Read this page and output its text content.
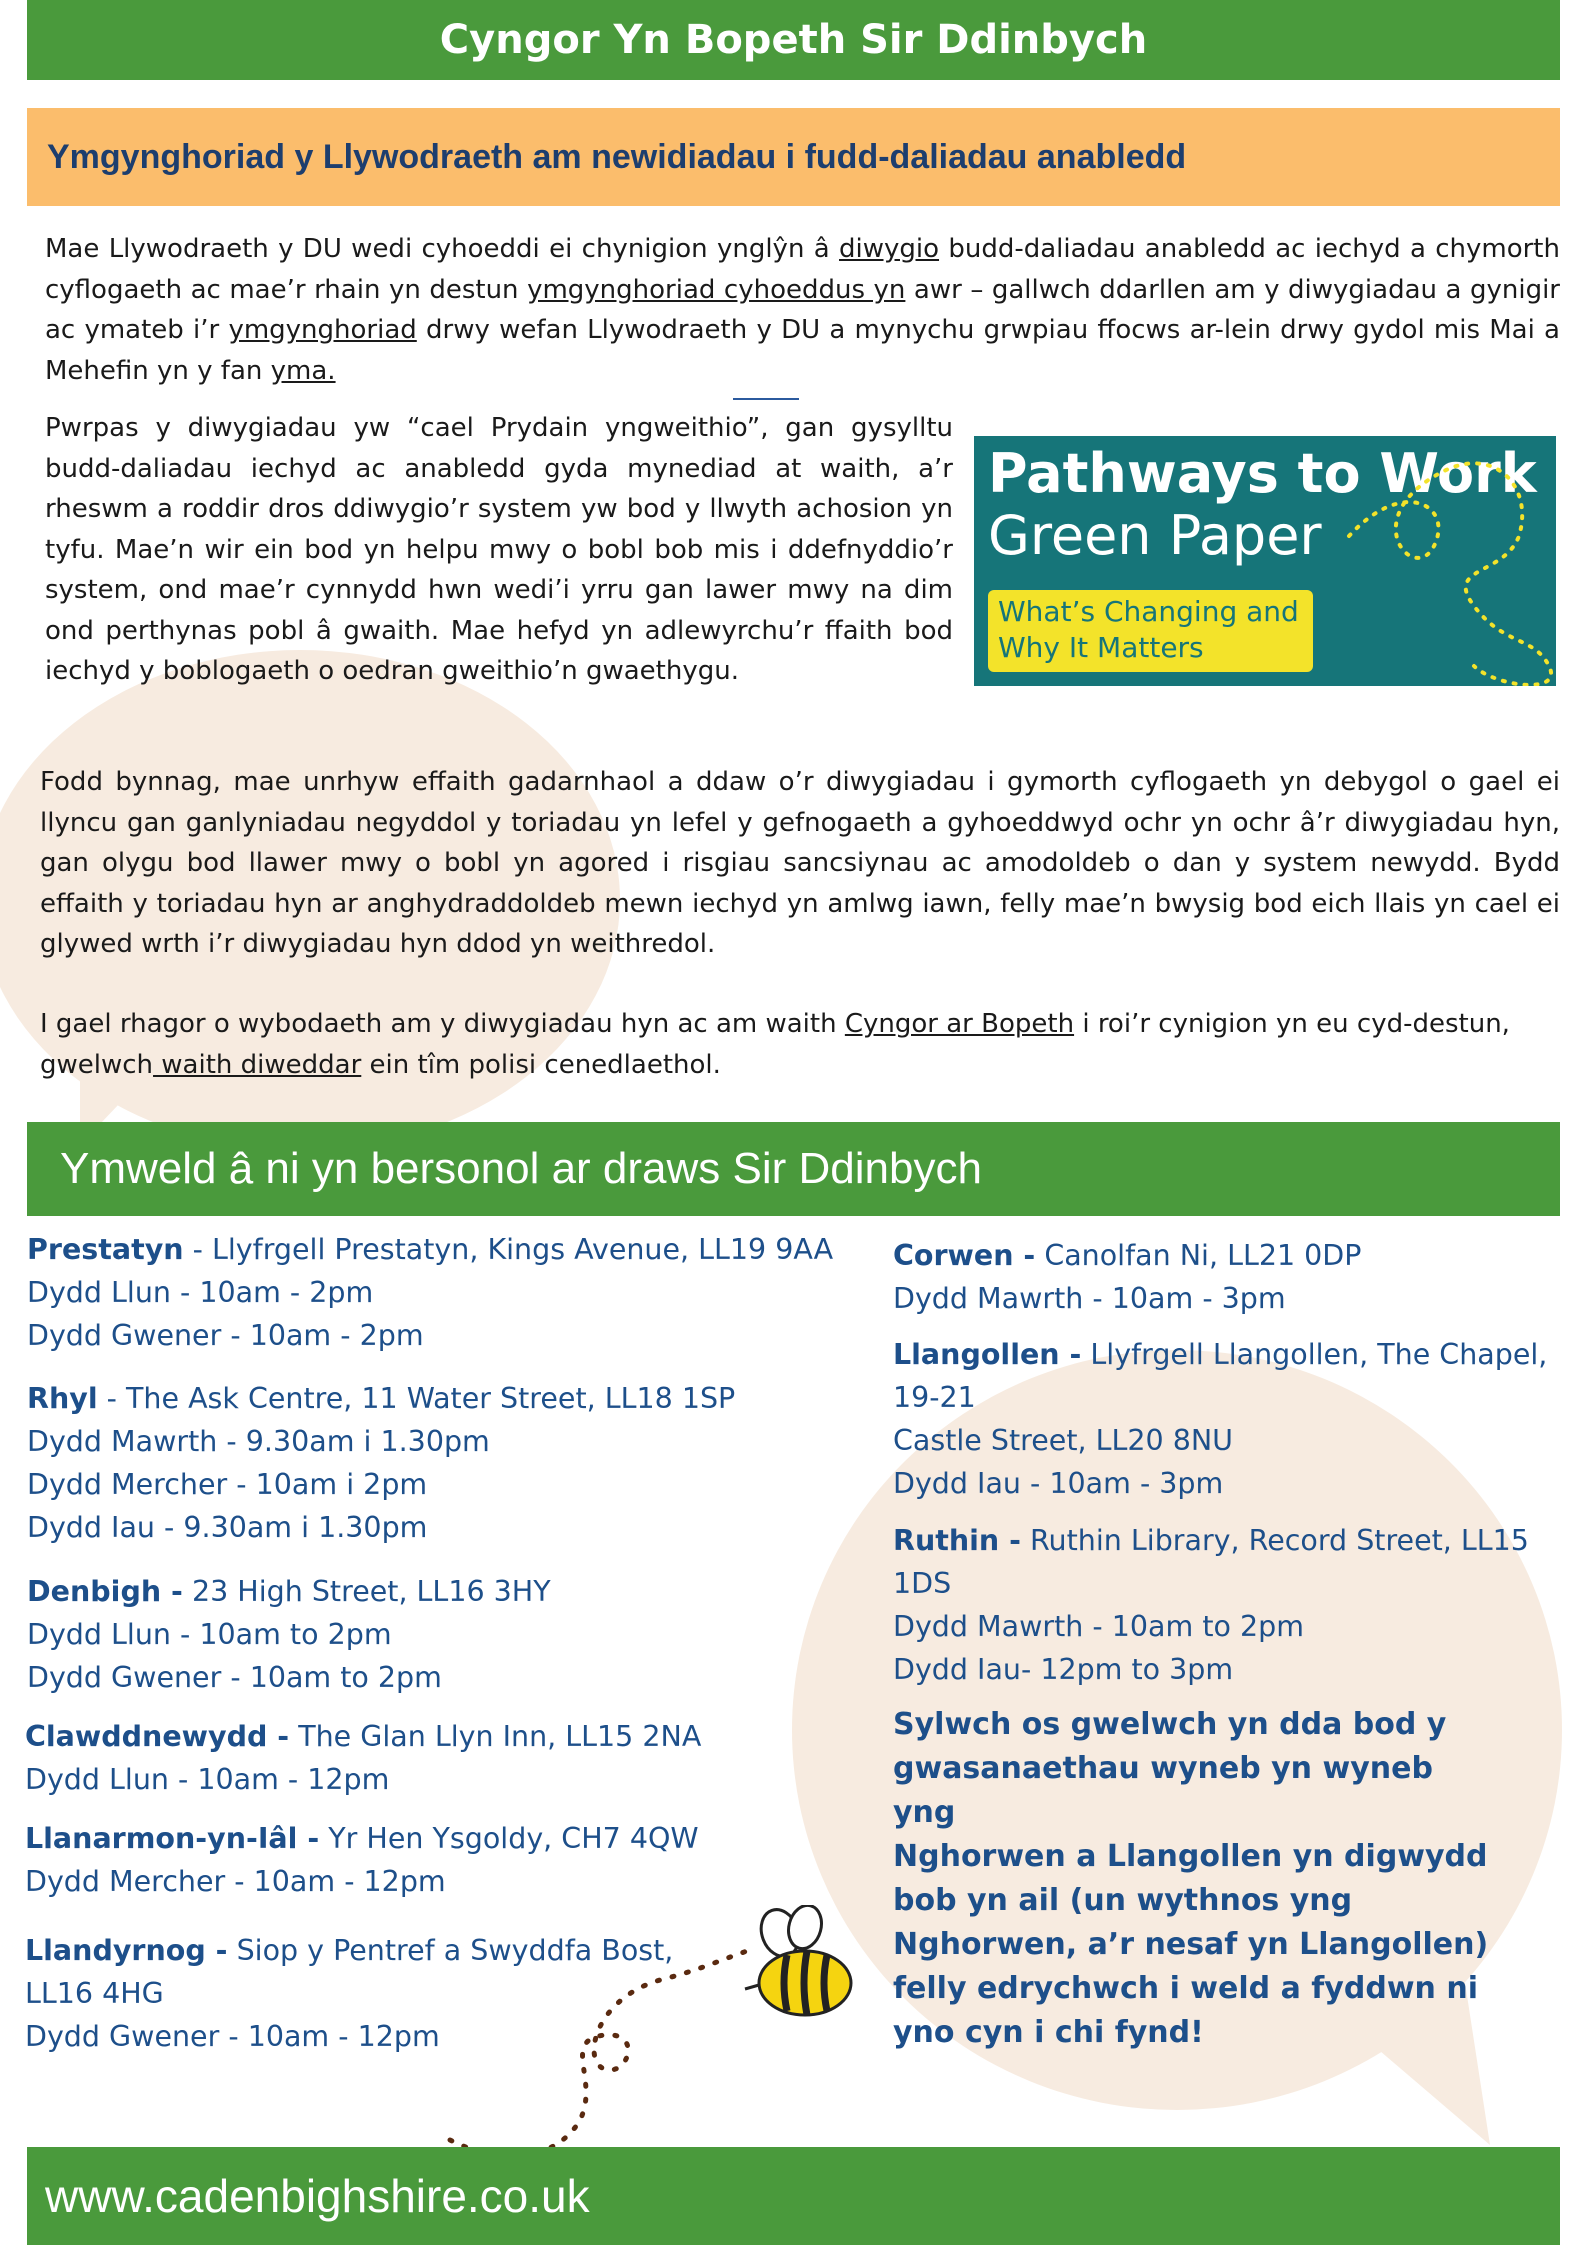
Cyngor Yn Bopeth Sir Ddinbych
Ymgynghoriad y Llywodraeth am newidiadau i fudd-daliadau anabledd
Mae Llywodraeth y DU wedi cyhoeddi ei chynigion ynglŷn â diwygio budd-daliadau anabledd ac iechyd a chymorth cyflogaeth ac mae’r rhain yn destun ymgynghoriad cyhoeddus yn awr – gallwch ddarllen am y diwygiadau a gynigir ac ymateb i’r ymgynghoriad drwy wefan Llywodraeth y DU a mynychu grwpiau ffocws ar-lein drwy gydol mis Mai a Mehefin yn y fan yma.
Pwrpas y diwygiadau yw “cael Prydain yngweithio”, gan gysylltu budd-daliadau iechyd ac anabledd gyda mynediad at waith, a’r rheswm a roddir dros ddiwygio’r system yw bod y llwyth achosion yn tyfu. Mae’n wir ein bod yn helpu mwy o bobl bob mis i ddefnyddio’r system, ond mae’r cynnydd hwn wedi’i yrru gan lawer mwy na dim ond perthynas pobl â gwaith. Mae hefyd yn adlewyrchu’r ffaith bod iechyd y boblogaeth o oedran gweithio’n gwaethygu.
Pathways to Work
Green Paper
What’s Changing and
Why It Matters
Fodd bynnag, mae unrhyw effaith gadarnhaol a ddaw o’r diwygiadau i gymorth cyflogaeth yn debygol o gael ei llyncu gan ganlyniadau negyddol y toriadau yn lefel y gefnogaeth a gyhoeddwyd ochr yn ochr â’r diwygiadau hyn, gan olygu bod llawer mwy o bobl yn agored i risgiau sancsiynau ac amodoldeb o dan y system newydd. Bydd effaith y toriadau hyn ar anghydraddoldeb mewn iechyd yn amlwg iawn, felly mae’n bwysig bod eich llais yn cael ei glywed wrth i’r diwygiadau hyn ddod yn weithredol.
I gael rhagor o wybodaeth am y diwygiadau hyn ac am waith Cyngor ar Bopeth i roi’r cynigion yn eu cyd-destun, gwelwch waith diweddar ein tîm polisi cenedlaethol.
Ymweld â ni yn bersonol ar draws Sir Ddinbych
Prestatyn - Llyfrgell Prestatyn, Kings Avenue, LL19 9AA
Dydd Llun - 10am - 2pm
Dydd Gwener - 10am - 2pm
Rhyl - The Ask Centre, 11 Water Street, LL18 1SP
Dydd Mawrth - 9.30am i 1.30pm
Dydd Mercher - 10am i 2pm
Dydd Iau - 9.30am i 1.30pm
Denbigh - 23 High Street, LL16 3HY
Dydd Llun - 10am to 2pm
Dydd Gwener - 10am to 2pm
Clawddnewydd - The Glan Llyn Inn, LL15 2NA
Dydd Llun - 10am - 12pm
Llanarmon-yn-Iâl - Yr Hen Ysgoldy, CH7 4QW
Dydd Mercher - 10am - 12pm
Llandyrnog - Siop y Pentref a Swyddfa Bost,
LL16 4HG
Dydd Gwener - 10am - 12pm
Corwen - Canolfan Ni, LL21 0DP
Dydd Mawrth - 10am - 3pm
Llangollen - Llyfrgell Llangollen, The Chapel,
19-21
Castle Street, LL20 8NU
Dydd Iau - 10am - 3pm
Ruthin - Ruthin Library, Record Street, LL15 1DS
Dydd Mawrth - 10am to 2pm
Dydd Iau- 12pm to 3pm
Sylwch os gwelwch yn dda bod y
gwasanaethau wyneb yn wyneb yng
Nghorwen a Llangollen yn digwydd
bob yn ail (un wythnos yng
Nghorwen, a’r nesaf yn Llangollen)
felly edrychwch i weld a fyddwn ni
yno cyn i chi fynd!
www.cadenbighshire.co.uk
